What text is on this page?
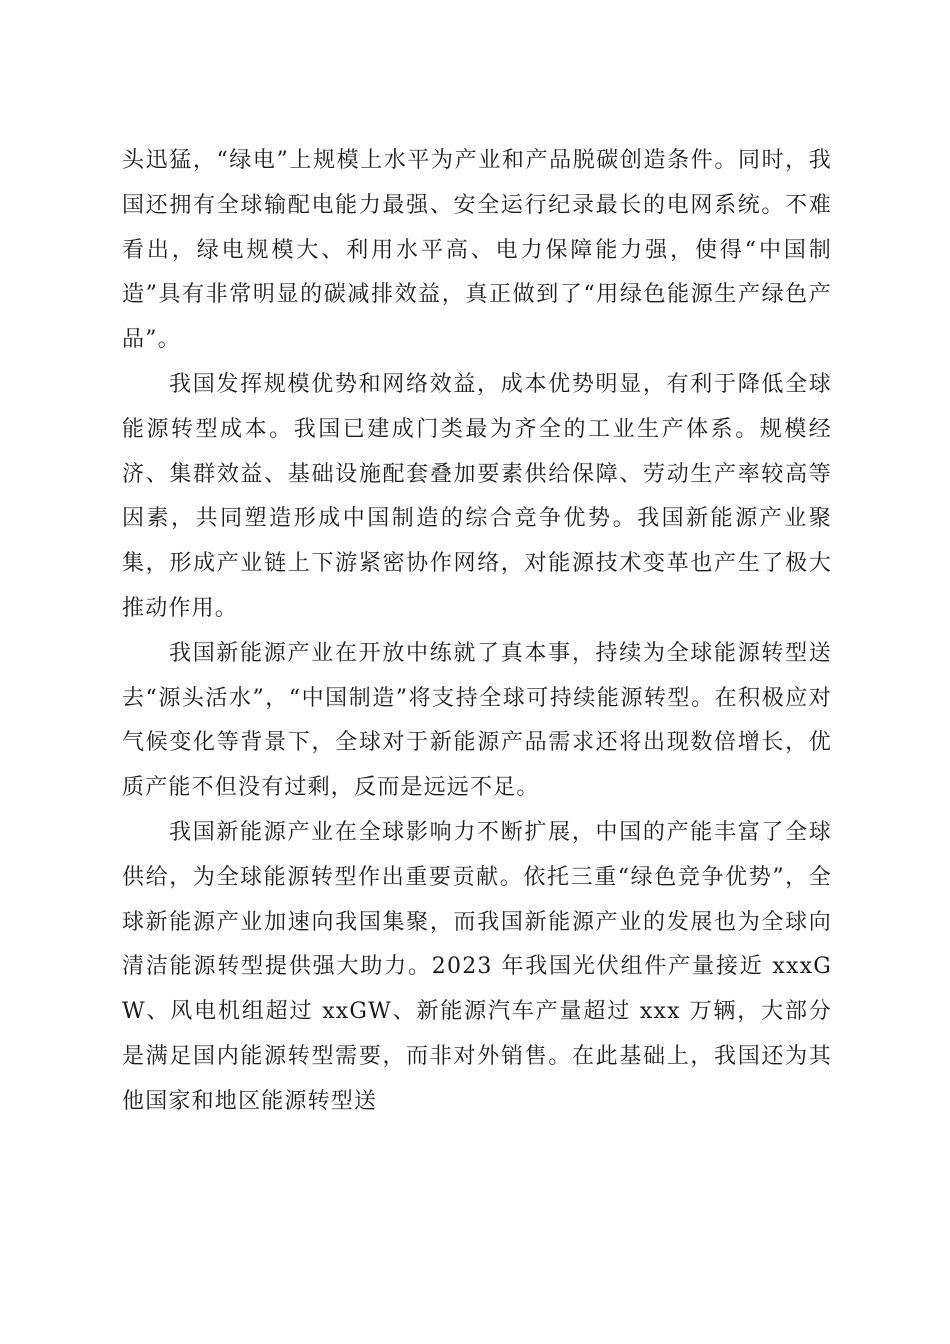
头迅猛，“绿电”上规模上水平为产业和产品脱碳创造条件。同时，我国还拥有全球输配电能力最强、安全运行纪录最长的电网系统。不难看出，绿电规模大、利用水平高、电力保障能力强，使得“中国制造”具有非常明显的碳减排效益，真正做到了“用绿色能源生产绿色产品”。

我国发挥规模优势和网络效益，成本优势明显，有利于降低全球能源转型成本。我国已建成门类最为齐全的工业生产体系。规模经济、集群效益、基础设施配套叠加要素供给保障、劳动生产率较高等因素，共同塑造形成中国制造的综合竞争优势。我国新能源产业聚集，形成产业链上下游紧密协作网络，对能源技术变革也产生了极大推动作用。

我国新能源产业在开放中练就了真本事，持续为全球能源转型送去“源头活水”，“中国制造”将支持全球可持续能源转型。在积极应对气候变化等背景下，全球对于新能源产品需求还将出现数倍增长，优质产能不但没有过剩，反而是远远不足。

我国新能源产业在全球影响力不断扩展，中国的产能丰富了全球供给，为全球能源转型作出重要贡献。依托三重“绿色竞争优势”，全球新能源产业加速向我国集聚，而我国新能源产业的发展也为全球向清洁能源转型提供强大助力。2023 年我国光伏组件产量接近 xxxGW、风电机组超过 xxGW、新能源汽车产量超过 xxx 万辆，大部分是满足国内能源转型需要，而非对外销售。在此基础上，我国还为其他国家和地区能源转型送
